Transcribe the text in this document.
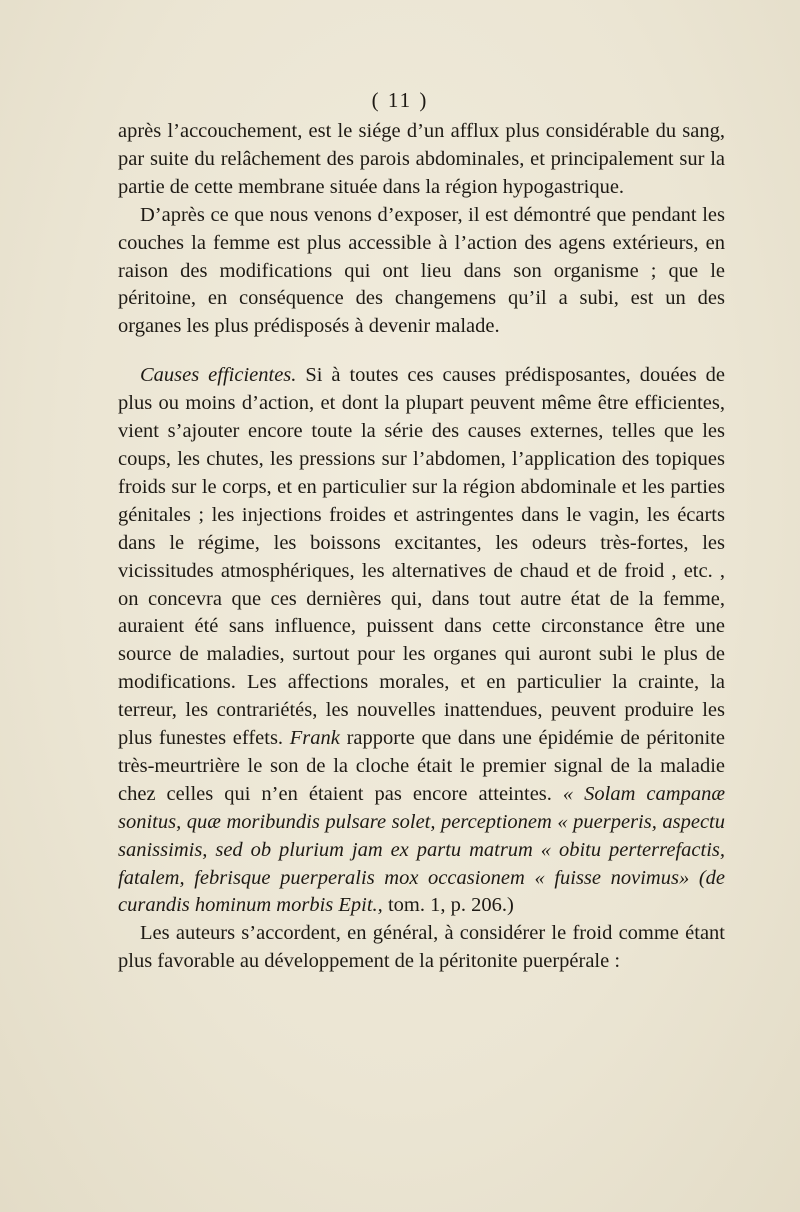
( 11 )

après l’accouchement, est le siége d’un afflux plus considérable du sang, par suite du relâchement des parois abdominales, et principalement sur la partie de cette membrane située dans la région hypogastrique.

D’après ce que nous venons d’exposer, il est démontré que pendant les couches la femme est plus accessible à l’action des agens extérieurs, en raison des modifications qui ont lieu dans son organisme ; que le péritoine, en conséquence des changemens qu’il a subi, est un des organes les plus prédisposés à devenir malade.

Causes efficientes. Si à toutes ces causes prédisposantes, douées de plus ou moins d’action, et dont la plupart peuvent même être efficientes, vient s’ajouter encore toute la série des causes externes, telles que les coups, les chutes, les pressions sur l’abdomen, l’application des topiques froids sur le corps, et en particulier sur la région abdominale et les parties génitales ; les injections froides et astringentes dans le vagin, les écarts dans le régime, les boissons excitantes, les odeurs très-fortes, les vicissitudes atmosphériques, les alternatives de chaud et de froid , etc. , on concevra que ces dernières qui, dans tout autre état de la femme, auraient été sans influence, puissent dans cette circonstance être une source de maladies, surtout pour les organes qui auront subi le plus de modifications. Les affections morales, et en particulier la crainte, la terreur, les contrariétés, les nouvelles inattendues, peuvent produire les plus funestes effets. Frank rapporte que dans une épidémie de péritonite très-meurtrière le son de la cloche était le premier signal de la maladie chez celles qui n’en étaient pas encore atteintes. « Solam campanæ sonitus, quæ moribundis pulsare solet, perceptionem « puerperis, aspectu sanissimis, sed ob plurium jam ex partu matrum « obitu perterrefactis, fatalem, febrisque puerperalis mox occasionem « fuisse novimus» (de curandis hominum morbis Epit., tom. 1, p. 206.)

Les auteurs s’accordent, en général, à considérer le froid comme étant plus favorable au développement de la péritonite puerpérale :
